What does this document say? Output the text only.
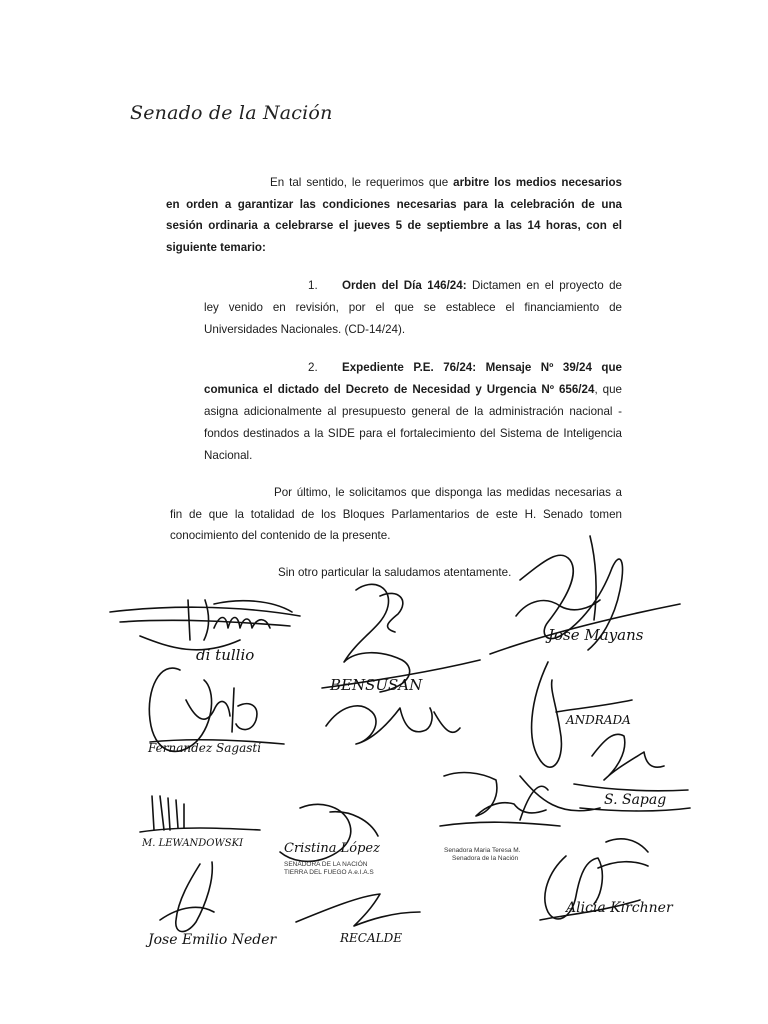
Senado de la Nación
En tal sentido, le requerimos que arbitre los medios necesarios en orden a garantizar las condiciones necesarias para la celebración de una sesión ordinaria a celebrarse el jueves 5 de septiembre a las 14 horas, con el siguiente temario:
1. Orden del Día 146/24: Dictamen en el proyecto de ley venido en revisión, por el que se establece el financiamiento de Universidades Nacionales. (CD-14/24).
2. Expediente P.E. 76/24: Mensaje Nº 39/24 que comunica el dictado del Decreto de Necesidad y Urgencia Nº 656/24, que asigna adicionalmente al presupuesto general de la administración nacional - fondos destinados a la SIDE para el fortalecimiento del Sistema de Inteligencia Nacional.
Por último, le solicitamos que disponga las medidas necesarias a fin de que la totalidad de los Bloques Parlamentarios de este H. Senado tomen conocimiento del contenido de la presente.
Sin otro particular la saludamos atentamente.
di tullio
BENSUSAN
Jose Mayans
Fernandez Sagasti
ANDRADA
S. Sapag
M. LEWANDOWSKI	Cristina López
Alicia Kirchner
Jose Emilio Neder	RECALDE
SENADORA DE LA NACIÓN
TIERRA DEL FUEGO A.e.I.A.S
Senadora Maria Teresa M.
Senadora de la Nación
